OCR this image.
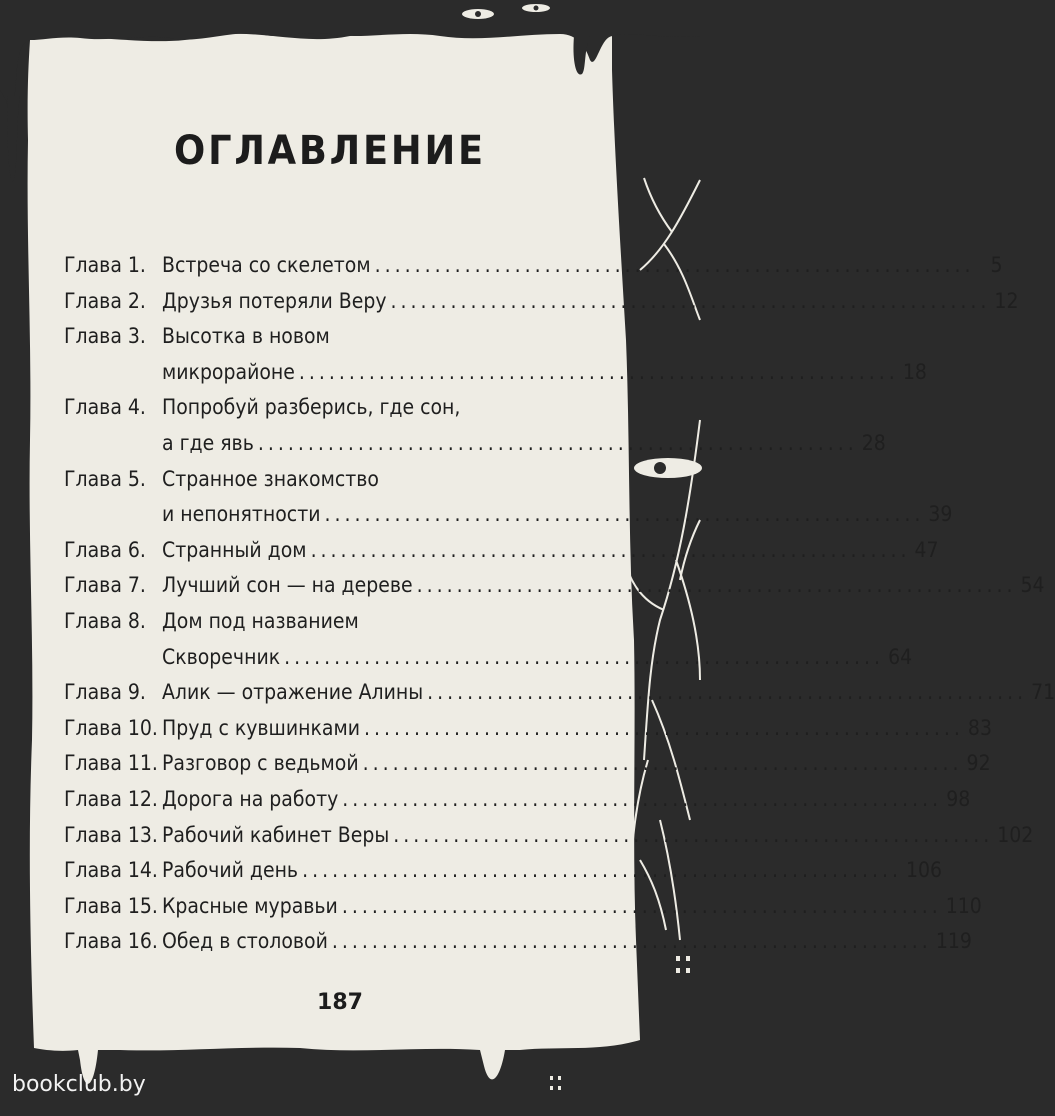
ОГЛАВЛЕНИЕ
Глава 1. Встреча со скелетом ............................................................ 5
Глава 2. Друзья потеряли Веру ............................................................ 12
Глава 3. Высотка в новом
микрорайоне ............................................................ 18
Глава 4. Попробуй разберись, где сон,
а где явь ............................................................ 28
Глава 5. Странное знакомство
и непонятности ............................................................ 39
Глава 6. Странный дом ............................................................ 47
Глава 7. Лучший сон — на дереве ............................................................ 54
Глава 8. Дом под названием
Скворечник ............................................................ 64
Глава 9. Алик — отражение Алины ............................................................ 71
Глава 10. Пруд с кувшинками ............................................................ 83
Глава 11. Разговор с ведьмой ............................................................ 92
Глава 12. Дорога на работу ............................................................ 98
Глава 13. Рабочий кабинет Веры ............................................................ 102
Глава 14. Рабочий день ............................................................ 106
Глава 15. Красные муравьи ............................................................ 110
Глава 16. Обед в столовой ............................................................ 119
187
bookclub.by
